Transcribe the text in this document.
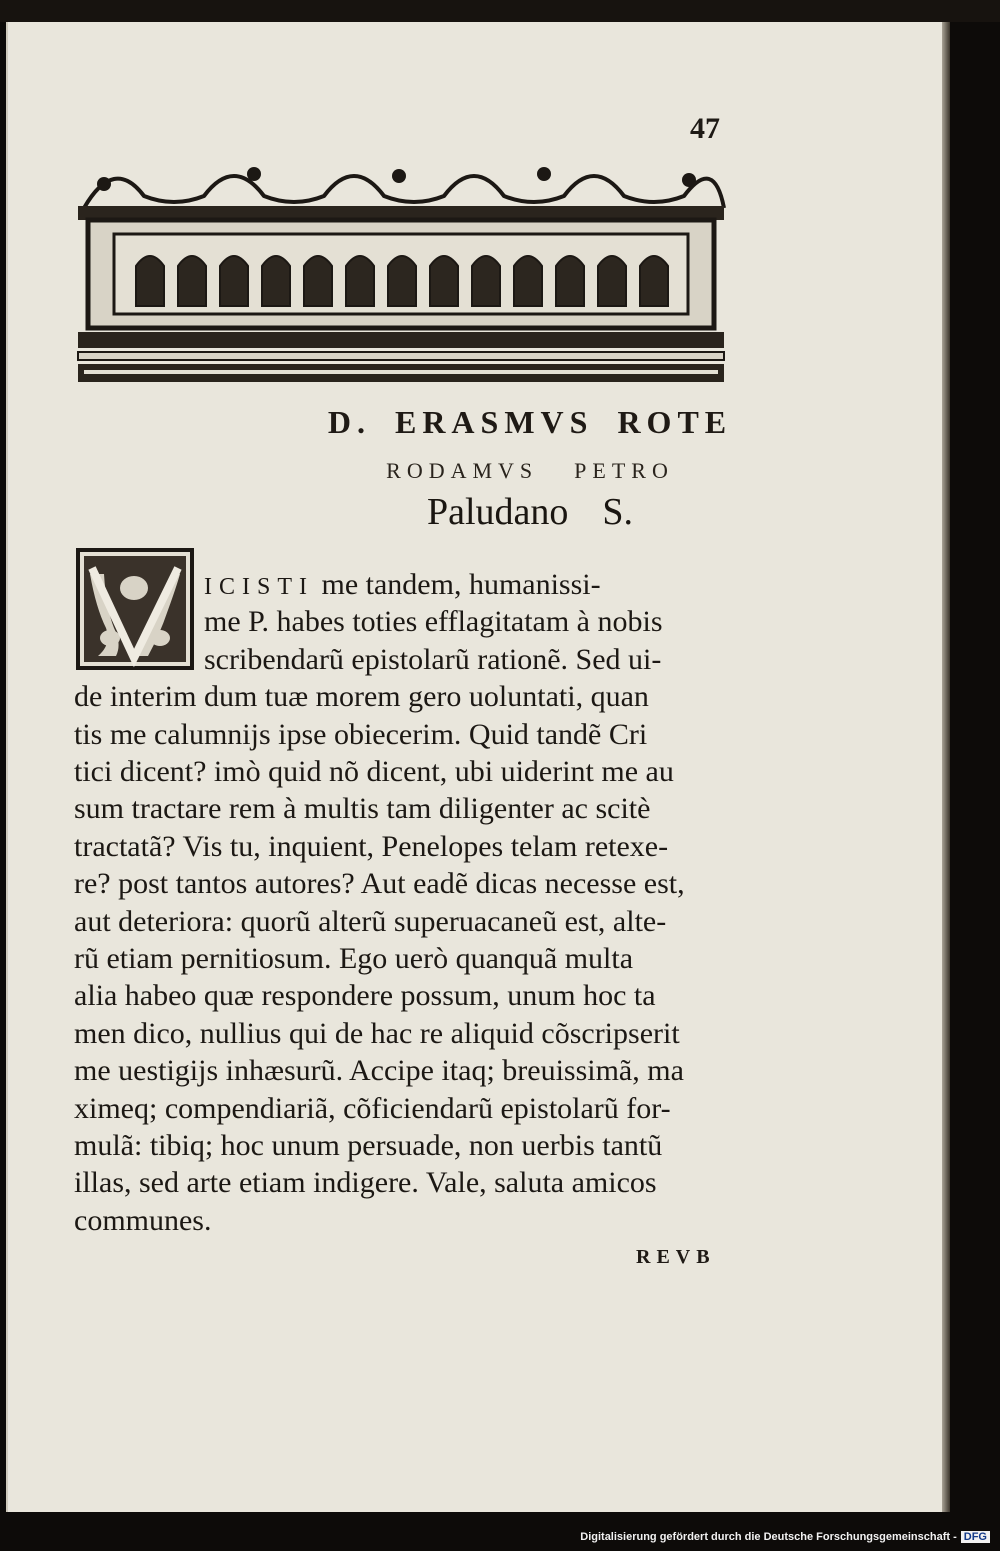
47
D. ERASMVS ROTE
RODAMVS PETRO
Paludano S.
ICISTI me tandem, humanissi-
me P. habes toties efflagitatam à nobis
scribendarũ epistolarũ rationẽ. Sed ui-
de interim dum tuæ morem gero uoluntati, quan
tis me calumnijs ipse obiecerim. Quid tandẽ Cri
tici dicent? imò quid nõ dicent, ubi uiderint me au
sum tractare rem à multis tam diligenter ac scitè
tractatã? Vis tu, inquient, Penelopes telam retexe-
re? post tantos autores? Aut eadẽ dicas necesse est,
aut deteriora: quorũ alterũ superuacaneũ est, alte-
rũ etiam pernitiosum. Ego uerò quanquã multa
alia habeo quæ respondere possum, unum hoc ta
men dico, nullius qui de hac re aliquid cõscripserit
me uestigijs inhæsurũ. Accipe itaq; breuissimã, ma
ximeq; compendiariã, cõficiendarũ epistolarũ for-
mulã: tibiq; hoc unum persuade, non uerbis tantũ
illas, sed arte etiam indigere. Vale, saluta amicos
communes.
REVB
Digitalisierung gefördert durch die Deutsche Forschungsgemeinschaft - DFG
